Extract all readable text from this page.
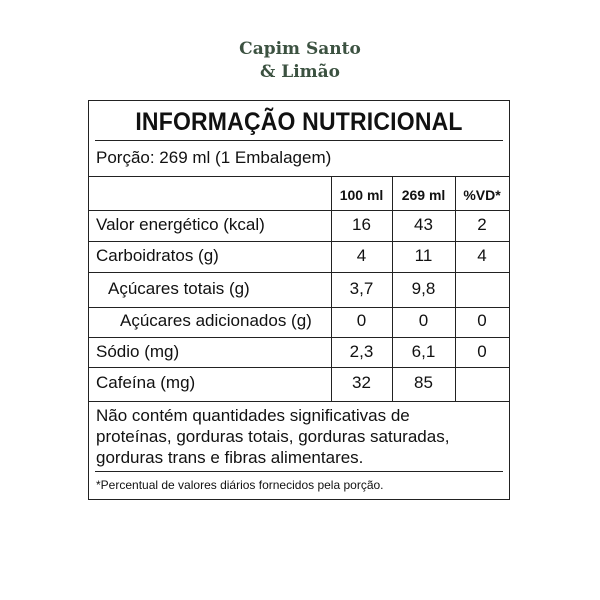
Capim Santo
& Limão
INFORMAÇÃO NUTRICIONAL
Porção: 269 ml (1 Embalagem)
100 ml	269 ml	%VD*
Valor energético (kcal)	16	43	2
Carboidratos (g)	4	11	4
Açúcares totais (g)	3,7	9,8
Açúcares adicionados (g)	0	0	0
Sódio (mg)	2,3	6,1	0
Cafeína (mg)	32	85
Não contém quantidades significativas de
proteínas, gorduras totais, gorduras saturadas,
gorduras trans e fibras alimentares.
*Percentual de valores diários fornecidos pela porção.
